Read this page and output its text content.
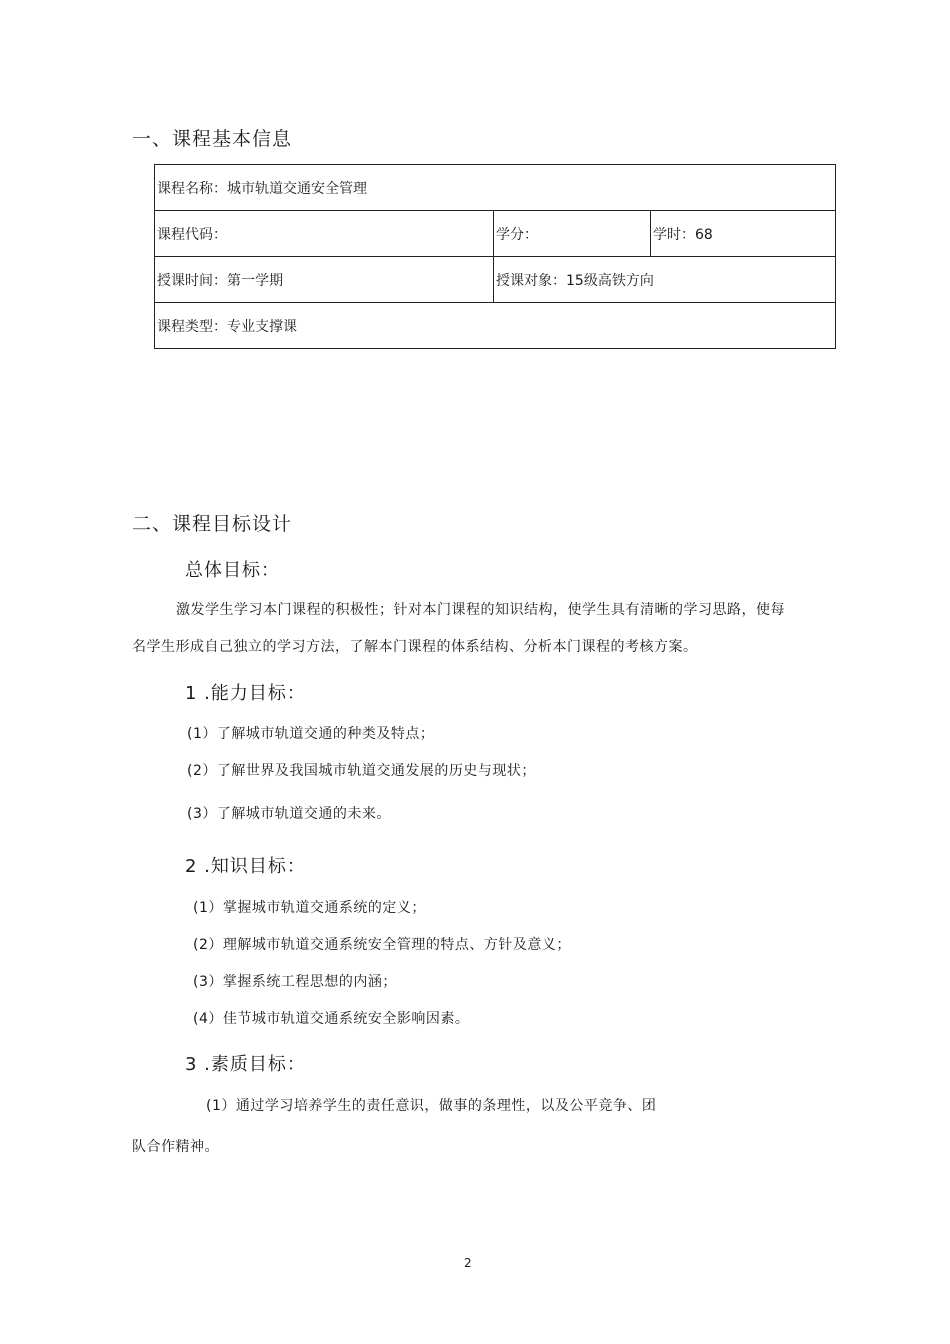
一、课程基本信息
课程名称：城市轨道交通安全管理		
课程代码：	学分：	学时：68
授课时间：第一学期	授课对象：15级高铁方向	
课程类型：专业支撑课		
二、课程目标设计
总体目标：
激发学生学习本门课程的积极性；针对本门课程的知识结构，使学生具有清晰的学习思路，使每
名学生形成自己独立的学习方法，了解本门课程的体系结构、分析本门课程的考核方案。
1 .能力目标：
(1）了解城市轨道交通的种类及特点；
(2）了解世界及我国城市轨道交通发展的历史与现状；
(3）了解城市轨道交通的未来。
2 .知识目标：
(1）掌握城市轨道交通系统的定义；
(2）理解城市轨道交通系统安全管理的特点、方针及意义；
(3）掌握系统工程思想的内涵；
(4）佳节城市轨道交通系统安全影响因素。
3 .素质目标：
(1）通过学习培养学生的责任意识，做事的条理性，以及公平竞争、团
队合作精神。
2
